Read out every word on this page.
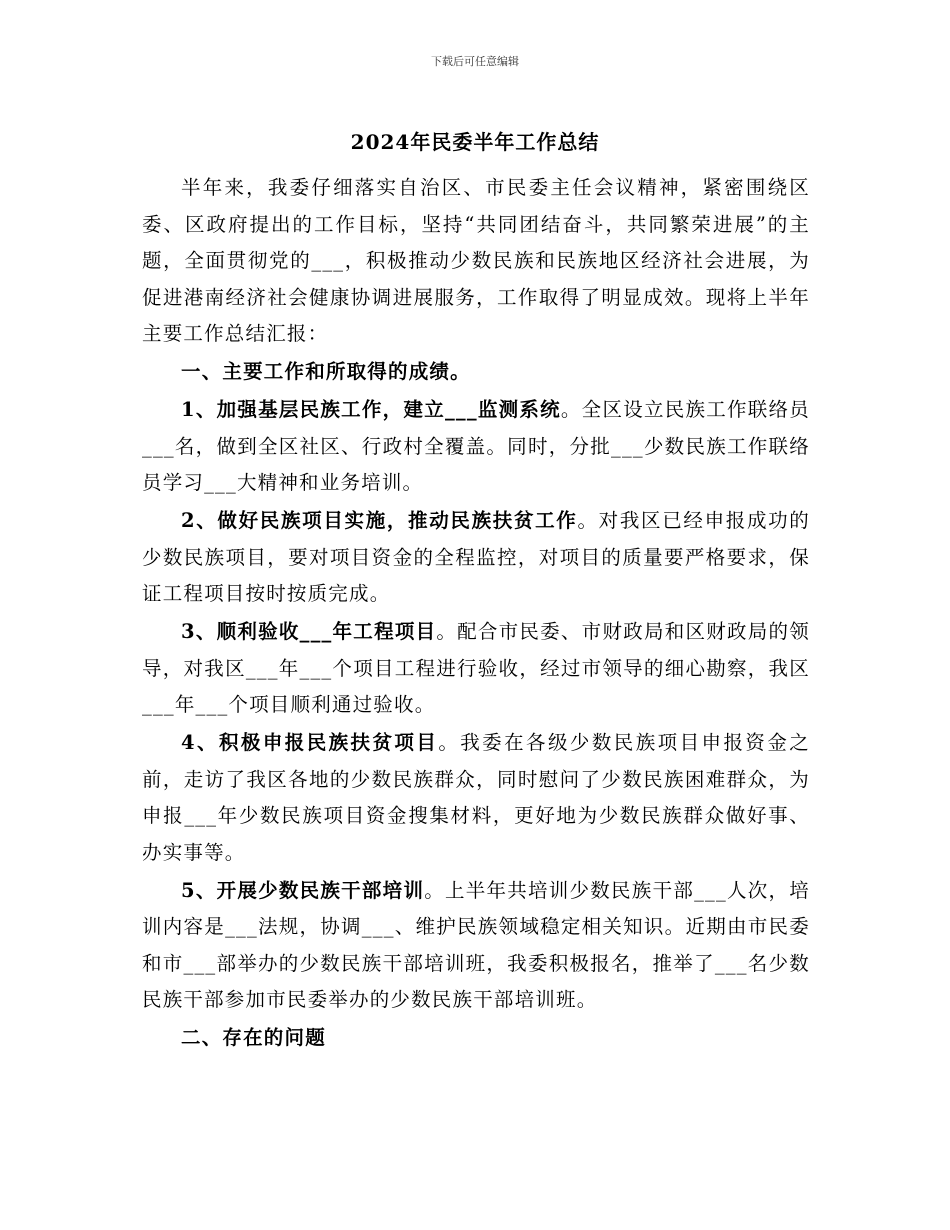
下载后可任意编辑
2024年民委半年工作总结

半年来，我委仔细落实自治区、市民委主任会议精神，紧密围绕区委、区政府提出的工作目标，坚持“共同团结奋斗，共同繁荣进展”的主题，全面贯彻党的___，积极推动少数民族和民族地区经济社会进展，为促进港南经济社会健康协调进展服务，工作取得了明显成效。现将上半年主要工作总结汇报：

一、主要工作和所取得的成绩。

1、加强基层民族工作，建立___监测系统。全区设立民族工作联络员___名，做到全区社区、行政村全覆盖。同时，分批___少数民族工作联络员学习___大精神和业务培训。

2、做好民族项目实施，推动民族扶贫工作。对我区已经申报成功的少数民族项目，要对项目资金的全程监控，对项目的质量要严格要求，保证工程项目按时按质完成。

3、顺利验收___年工程项目。配合市民委、市财政局和区财政局的领导，对我区___年___个项目工程进行验收，经过市领导的细心勘察，我区___年___个项目顺利通过验收。

4、积极申报民族扶贫项目。我委在各级少数民族项目申报资金之前，走访了我区各地的少数民族群众，同时慰问了少数民族困难群众，为申报___年少数民族项目资金搜集材料，更好地为少数民族群众做好事、办实事等。

5、开展少数民族干部培训。上半年共培训少数民族干部___人次，培训内容是___法规，协调___、维护民族领域稳定相关知识。近期由市民委和市___部举办的少数民族干部培训班，我委积极报名，推举了___名少数民族干部参加市民委举办的少数民族干部培训班。

二、存在的问题
